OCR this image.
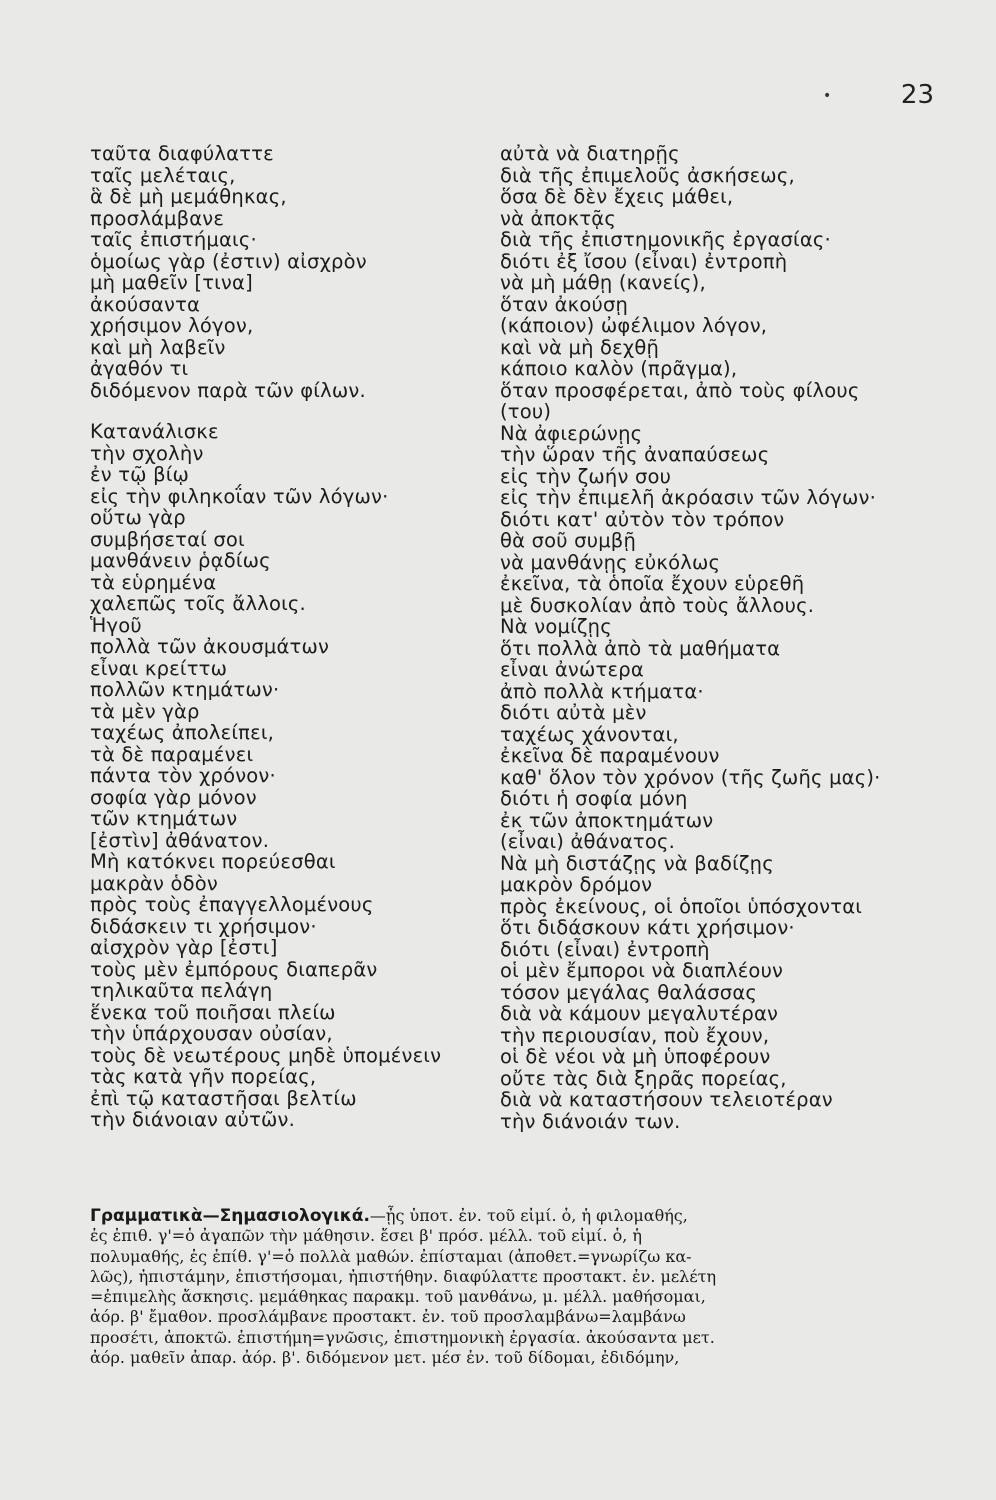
•	23
ταῦτα διαφύλαττε
ταῖς μελέταις,
ἃ δὲ μὴ μεμάθηκας,
προσλάμβανε
ταῖς ἐπιστήμαις·
ὁμοίως γὰρ (ἐστιν) αἰσχρὸν
μὴ μαθεῖν [τινα]
ἀκούσαντα
χρήσιμον λόγον,
καὶ μὴ λαβεῖν
ἀγαθόν τι
διδόμενον παρὰ τῶν φίλων.
Κατανάλισκε
τὴν σχολὴν
ἐν τῷ βίῳ
εἰς τὴν φιληκοΐαν τῶν λόγων·
οὕτω γὰρ
συμβήσεταί σοι
μανθάνειν ῥᾳδίως
τὰ εὑρημένα
χαλεπῶς τοῖς ἄλλοις.
Ἡγοῦ
πολλὰ τῶν ἀκουσμάτων
εἶναι κρείττω
πολλῶν κτημάτων·
τὰ μὲν γὰρ
ταχέως ἀπολείπει,
τὰ δὲ παραμένει
πάντα τὸν χρόνον·
σοφία γὰρ μόνον
τῶν κτημάτων
[ἐστὶν] ἀθάνατον.
Μὴ κατόκνει πορεύεσθαι
μακρὰν ὁδὸν
πρὸς τοὺς ἐπαγγελλομένους
διδάσκειν τι χρήσιμον·
αἰσχρὸν γὰρ [ἐστι]
τοὺς μὲν ἐμπόρους διαπερᾶν
τηλικαῦτα πελάγη
ἕνεκα τοῦ ποιῆσαι πλείω
τὴν ὑπάρχουσαν οὐσίαν,
τοὺς δὲ νεωτέρους μηδὲ ὑπομένειν
τὰς κατὰ γῆν πορείας,
ἐπὶ τῷ καταστῆσαι βελτίω
τὴν διάνοιαν αὐτῶν.
αὐτὰ νὰ διατηρῇς
διὰ τῆς ἐπιμελοῦς ἀσκήσεως,
ὅσα δὲ δὲν ἔχεις μάθει,
νὰ ἀποκτᾷς
διὰ τῆς ἐπιστημονικῆς ἐργασίας·
διότι ἐξ ἴσου (εἶναι) ἐντροπὴ
νὰ μὴ μάθῃ (κανείς),
ὅταν ἀκούσῃ
(κάποιον) ὠφέλιμον λόγον,
καὶ νὰ μὴ δεχθῇ
κάποιο καλὸν (πρᾶγμα),
ὅταν προσφέρεται, ἀπὸ τοὺς φίλους
(του)
Νὰ ἀφιερώνῃς
τὴν ὥραν τῆς ἀναπαύσεως
εἰς τὴν ζωήν σου
εἰς τὴν ἐπιμελῆ ἀκρόασιν τῶν λόγων·
διότι κατ' αὐτὸν τὸν τρόπον
θὰ σοῦ συμβῇ
νὰ μανθάνῃς εὐκόλως
ἐκεῖνα, τὰ ὁποῖα ἔχουν εὑρεθῆ
μὲ δυσκολίαν ἀπὸ τοὺς ἄλλους.
Νὰ νομίζῃς
ὅτι πολλὰ ἀπὸ τὰ μαθήματα
εἶναι ἀνώτερα
ἀπὸ πολλὰ κτήματα·
διότι αὐτὰ μὲν
ταχέως χάνονται,
ἐκεῖνα δὲ παραμένουν
καθ' ὅλον τὸν χρόνον (τῆς ζωῆς μας)·
διότι ἡ σοφία μόνη
ἐκ τῶν ἀποκτημάτων
(εἶναι) ἀθάνατος.
Νὰ μὴ διστάζῃς νὰ βαδίζῃς
μακρὸν δρόμον
πρὸς ἐκείνους, οἱ ὁποῖοι ὑπόσχονται
ὅτι διδάσκουν κάτι χρήσιμον·
διότι (εἶναι) ἐντροπὴ
οἱ μὲν ἔμποροι νὰ διαπλέουν
τόσον μεγάλας θαλάσσας
διὰ νὰ κάμουν μεγαλυτέραν
τὴν περιουσίαν, ποὺ ἔχουν,
οἱ δὲ νέοι νὰ μὴ ὑποφέρουν
οὔτε τὰς διὰ ξηρᾶς πορείας,
διὰ νὰ καταστήσουν τελειοτέραν
τὴν διάνοιάν των.
Γραμματικὰ—Σημασιολογικά.—ᾖς ὑποτ. ἐν. τοῦ εἰμί. ὁ, ἡ φιλομαθής,
ἐς ἐπιθ. γ'=ὁ ἀγαπῶν τὴν μάθησιν. ἔσει β' πρόσ. μέλλ. τοῦ εἰμί. ὁ, ἡ
πολυμαθής, ἐς ἐπίθ. γ'=ὁ πολλὰ μαθών. ἐπίσταμαι (ἀποθετ.=γνωρίζω κα-
λῶς), ἠπιστάμην, ἐπιστήσομαι, ἠπιστήθην. διαφύλαττε προστακτ. ἐν. μελέτη
=ἐπιμελὴς ἄσκησις. μεμάθηκας παρακμ. τοῦ μανθάνω, μ. μέλλ. μαθήσομαι,
ἀόρ. β' ἔμαθον. προσλάμβανε προστακτ. ἐν. τοῦ προσλαμβάνω=λαμβάνω
προσέτι, ἀποκτῶ. ἐπιστήμη=γνῶσις, ἐπιστημονικὴ ἐργασία. ἀκούσαντα μετ.
ἀόρ. μαθεῖν ἀπαρ. ἀόρ. β'. διδόμενον μετ. μέσ ἐν. τοῦ δίδομαι, ἐδιδόμην,
